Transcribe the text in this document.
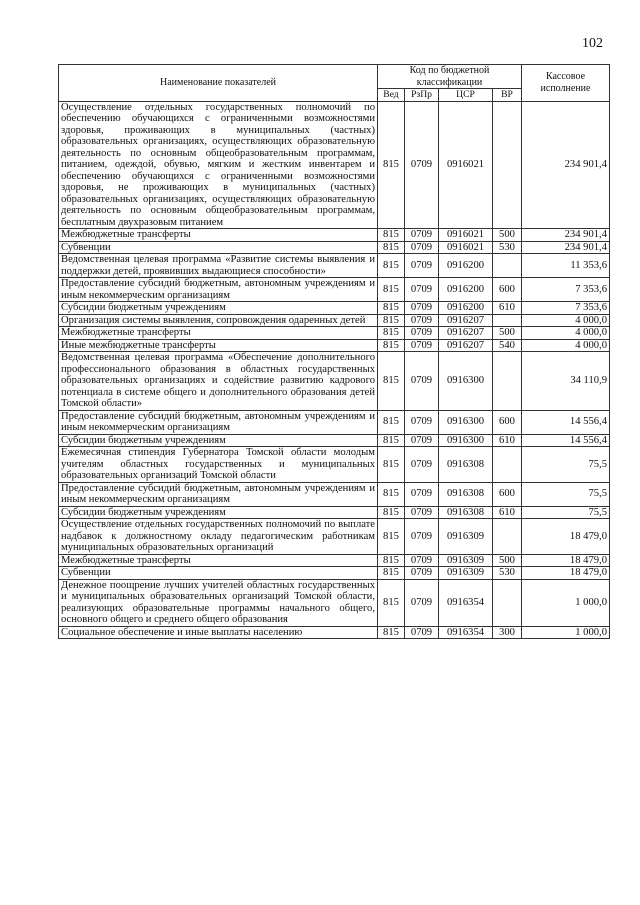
102
Наименование показателей	Код по бюджетной классификации				Кассовое исполнение
	Вед	РзПр	ЦСР	ВР	
Осуществление отдельных государственных полномочий по обеспечению обучающихся с ограниченными возможностями здоровья, проживающих в муниципальных (частных) образовательных организациях, осуществляющих образовательную деятельность по основным общеобразовательным программам, питанием, одеждой, обувью, мягким и жестким инвентарем и обеспечению обучающихся с ограниченными возможностями здоровья, не проживающих в муниципальных (частных) образовательных организациях, осуществляющих образовательную деятельность по основным общеобразовательным программам, бесплатным двухразовым питанием	815	0709	0916021		234 901,4
Межбюджетные трансферты	815	0709	0916021	500	234 901,4
Субвенции	815	0709	0916021	530	234 901,4
Ведомственная целевая программа «Развитие системы выявления и поддержки детей, проявивших выдающиеся способности»	815	0709	0916200		11 353,6
Предоставление субсидий бюджетным, автономным учреждениям и иным некоммерческим организациям	815	0709	0916200	600	7 353,6
Субсидии бюджетным учреждениям	815	0709	0916200	610	7 353,6
Организация системы выявления, сопровождения одаренных детей	815	0709	0916207		4 000,0
Межбюджетные трансферты	815	0709	0916207	500	4 000,0
Иные межбюджетные трансферты	815	0709	0916207	540	4 000,0
Ведомственная целевая программа «Обеспечение дополнительного профессионального образования в областных государственных образовательных организациях и содействие развитию кадрового потенциала в системе общего и дополнительного образования детей Томской области»	815	0709	0916300		34 110,9
Предоставление субсидий бюджетным, автономным учреждениям и иным некоммерческим организациям	815	0709	0916300	600	14 556,4
Субсидии бюджетным учреждениям	815	0709	0916300	610	14 556,4
Ежемесячная стипендия Губернатора Томской области молодым учителям областных государственных и муниципальных образовательных организаций Томской области	815	0709	0916308		75,5
Предоставление субсидий бюджетным, автономным учреждениям и иным некоммерческим организациям	815	0709	0916308	600	75,5
Субсидии бюджетным учреждениям	815	0709	0916308	610	75,5
Осуществление отдельных государственных полномочий по выплате надбавок к должностному окладу педагогическим работникам муниципальных образовательных организаций	815	0709	0916309		18 479,0
Межбюджетные трансферты	815	0709	0916309	500	18 479,0
Субвенции	815	0709	0916309	530	18 479,0
Денежное поощрение лучших учителей областных государственных и муниципальных образовательных организаций Томской области, реализующих образовательные программы начального общего, основного общего и среднего общего образования	815	0709	0916354		1 000,0
Социальное обеспечение и иные выплаты населению	815	0709	0916354	300	1 000,0
